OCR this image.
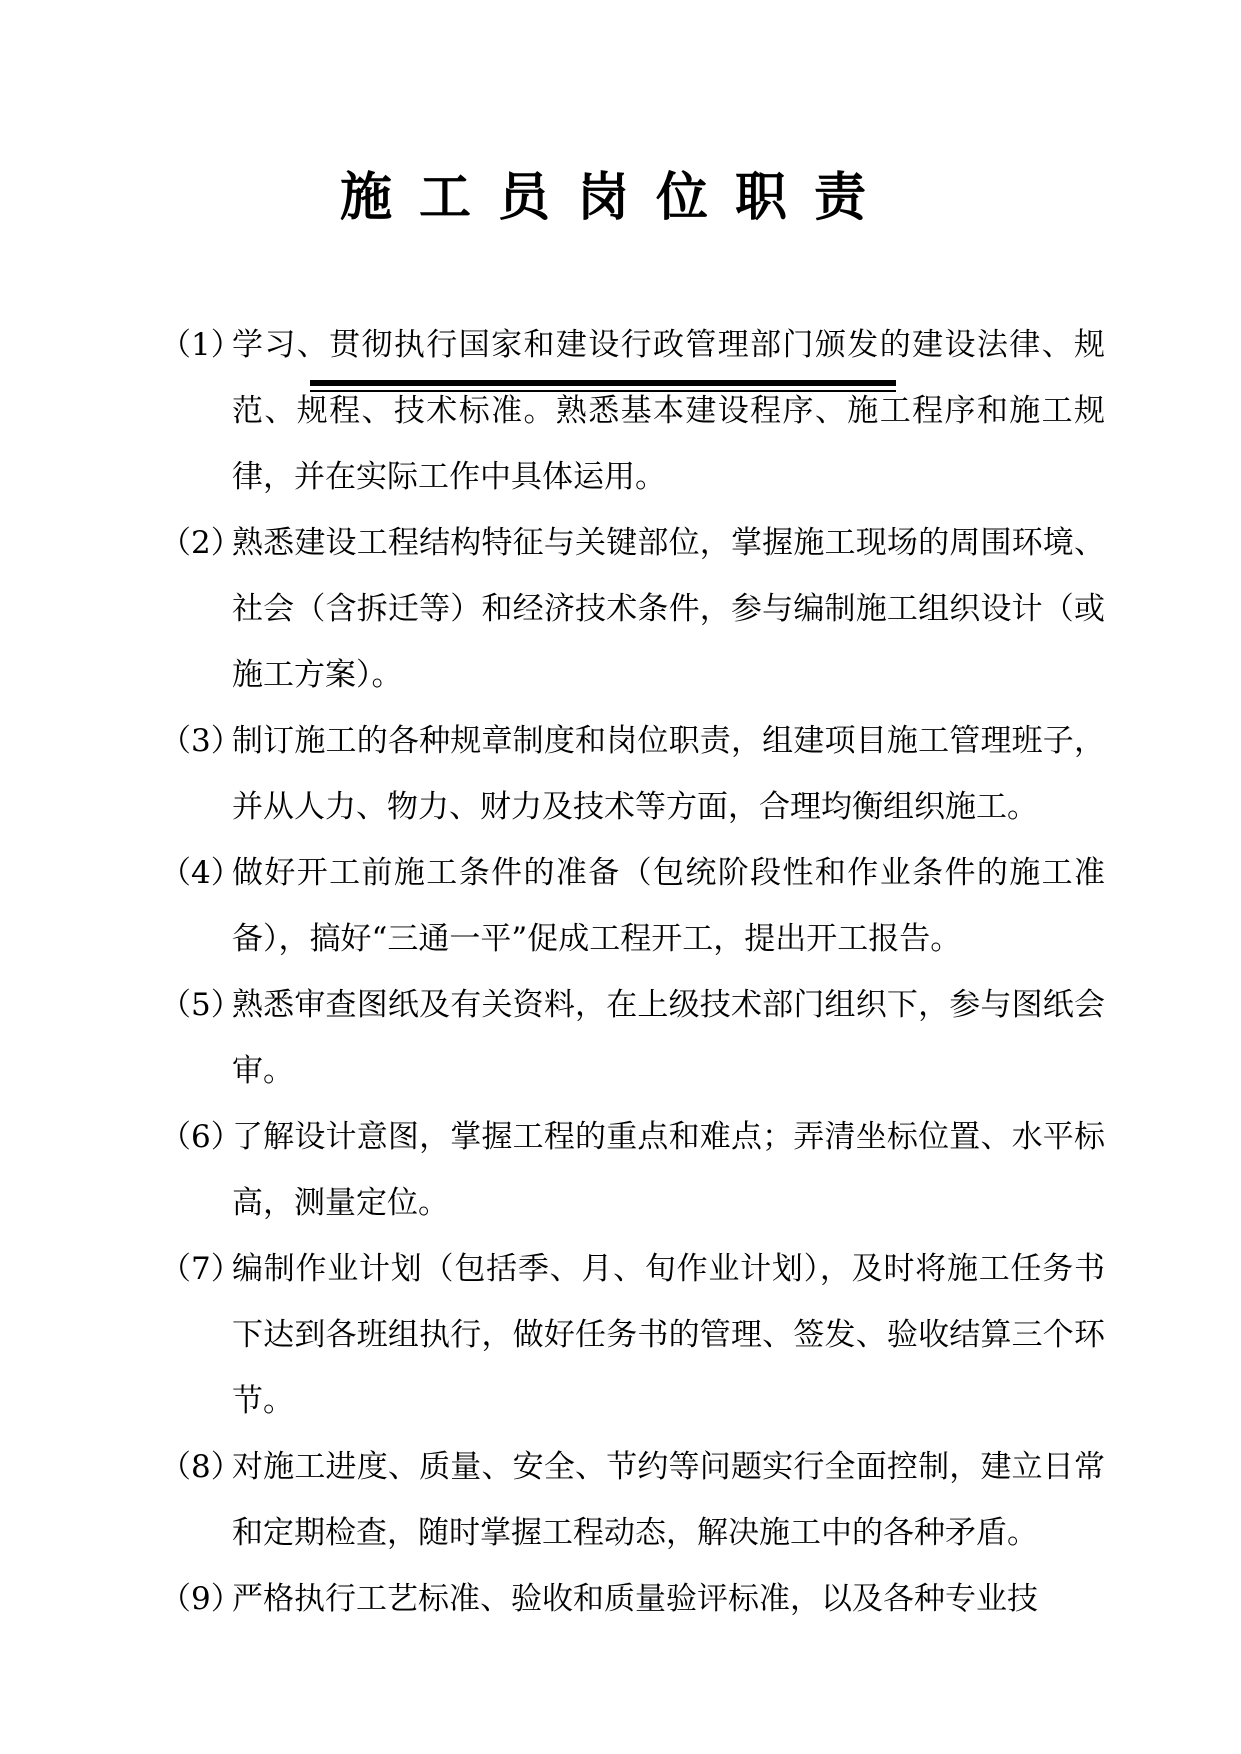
施工员岗位职责
（1）
学习、贯彻执行国家和建设行政管理部门颁发的建设法律、规范、规程、技术标准。熟悉基本建设程序、施工程序和施工规律，并在实际工作中具体运用。
（2）
熟悉建设工程结构特征与关键部位，掌握施工现场的周围环境、社会（含拆迁等）和经济技术条件，参与编制施工组织设计（或施工方案）。
（3）
制订施工的各种规章制度和岗位职责，组建项目施工管理班子，并从人力、物力、财力及技术等方面，合理均衡组织施工。
（4）
做好开工前施工条件的准备（包统阶段性和作业条件的施工准备），搞好“三通一平”促成工程开工，提出开工报告。
（5）
熟悉审查图纸及有关资料，在上级技术部门组织下，参与图纸会审。
（6）
了解设计意图，掌握工程的重点和难点；弄清坐标位置、水平标高，测量定位。
（7）
编制作业计划（包括季、月、旬作业计划），及时将施工任务书下达到各班组执行，做好任务书的管理、签发、验收结算三个环节。
（8）
对施工进度、质量、安全、节约等问题实行全面控制，建立日常和定期检查，随时掌握工程动态，解决施工中的各种矛盾。
（9）
严格执行工艺标准、验收和质量验评标准，以及各种专业技
